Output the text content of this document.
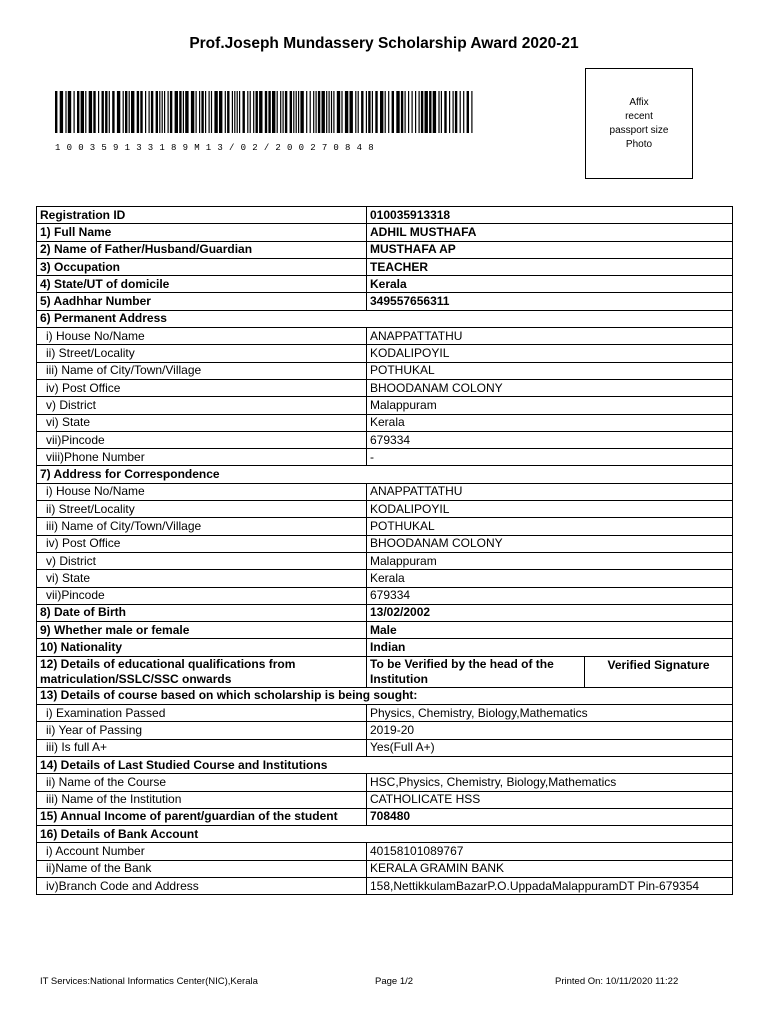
Prof.Joseph Mundassery Scholarship Award 2020-21
100359133189M13/02/200270848
Affix
recent
passport size
Photo
Registration ID	010035913318	
1) Full Name	ADHIL MUSTHAFA	
2) Name of Father/Husband/Guardian	MUSTHAFA AP	
3) Occupation	TEACHER	
4) State/UT of domicile	Kerala	
5) Aadhhar Number	349557656311	
6) Permanent Address		
i) House No/Name	ANAPPATTATHU	
ii) Street/Locality	KODALIPOYIL	
iii) Name of City/Town/Village	POTHUKAL	
iv) Post Office	BHOODANAM COLONY	
v) District	Malappuram	
vi) State	Kerala	
vii)Pincode	679334	
viii)Phone Number	-	
7) Address for Correspondence		
i) House No/Name	ANAPPATTATHU	
ii) Street/Locality	KODALIPOYIL	
iii) Name of City/Town/Village	POTHUKAL	
iv) Post Office	BHOODANAM COLONY	
v) District	Malappuram	
vi) State	Kerala	
vii)Pincode	679334	
8) Date of Birth	13/02/2002	
9) Whether male or female	Male	
10) Nationality	Indian	
12) Details of educational qualifications from matriculation/SSLC/SSC onwards	To be Verified by the head of the Institution	Verified Signature
13) Details of course based on which scholarship is being sought:		
i) Examination Passed	Physics, Chemistry, Biology,Mathematics	
ii) Year of Passing	2019-20	
iii) Is full A+	Yes(Full A+)	
14) Details of Last Studied Course and Institutions		
ii) Name of the Course	HSC,Physics, Chemistry, Biology,Mathematics	
iii) Name of the Institution	CATHOLICATE HSS	
15) Annual Income of parent/guardian of the student	708480	
16) Details of Bank Account		
i) Account Number	40158101089767	
ii)Name of the Bank	KERALA GRAMIN BANK	
iv)Branch Code and Address	158,NettikkulamBazarP.O.UppadaMalappuramDT Pin-679354	
IT Services:National Informatics Center(NIC),Kerala	Page 1/2	Printed On: 10/11/2020 11:22
